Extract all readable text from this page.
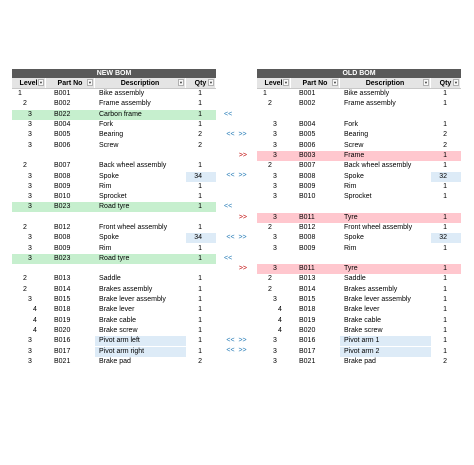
NEW BOM
Level ▼ Part No ▼	Description	▼ Qty ▼
1	B001	Bike assembly	1
2	B002	Frame assembly	1
3	B022	Carbon frame	1
3	B004	Fork	1
3	B005	Bearing	2
3	B006	Screw	2
2	B007	Back wheel assembly	1
3	B008	Spoke	34
3	B009	Rim	1
3	B010	Sprocket	1
3	B023	Road tyre	1
2	B012	Front wheel assembly	1
3	B008	Spoke	34
3	B009	Rim	1
3	B023	Road tyre	1
2	B013	Saddle	1
2	B014	Brakes assembly	1
3	B015	Brake lever assembly	1
4	B018	Brake lever	1
4	B019	Brake cable	1
4	B020	Brake screw	1
3	B016	Pivot arm left	1
3	B017	Pivot arm right	1
3	B021	Brake pad	2
<<
<< >>
>>
<< >>
<<
>>
<< >>
<<
>>
<< >>
<< >>
OLD BOM
Level ▼ Part No ▼	Description	▼ Qty ▼
1	B001	Bike assembly	1
2	B002	Frame assembly	1
3	B004	Fork	1
3	B005	Bearing	2
3	B006	Screw	2
3	B003	Frame	1
2	B007	Back wheel assembly	1
3	B008	Spoke	32
3	B009	Rim	1
3	B010	Sprocket	1
3	B011	Tyre	1
2	B012	Front wheel assembly	1
3	B008	Spoke	32
3	B009	Rim	1
3	B011	Tyre	1
2	B013	Saddle	1
2	B014	Brakes assembly	1
3	B015	Brake lever assembly	1
4	B018	Brake lever	1
4	B019	Brake cable	1
4	B020	Brake screw	1
3	B016	Pivot arm 1	1
3	B017	Pivot arm 2	1
3	B021	Brake pad	2
